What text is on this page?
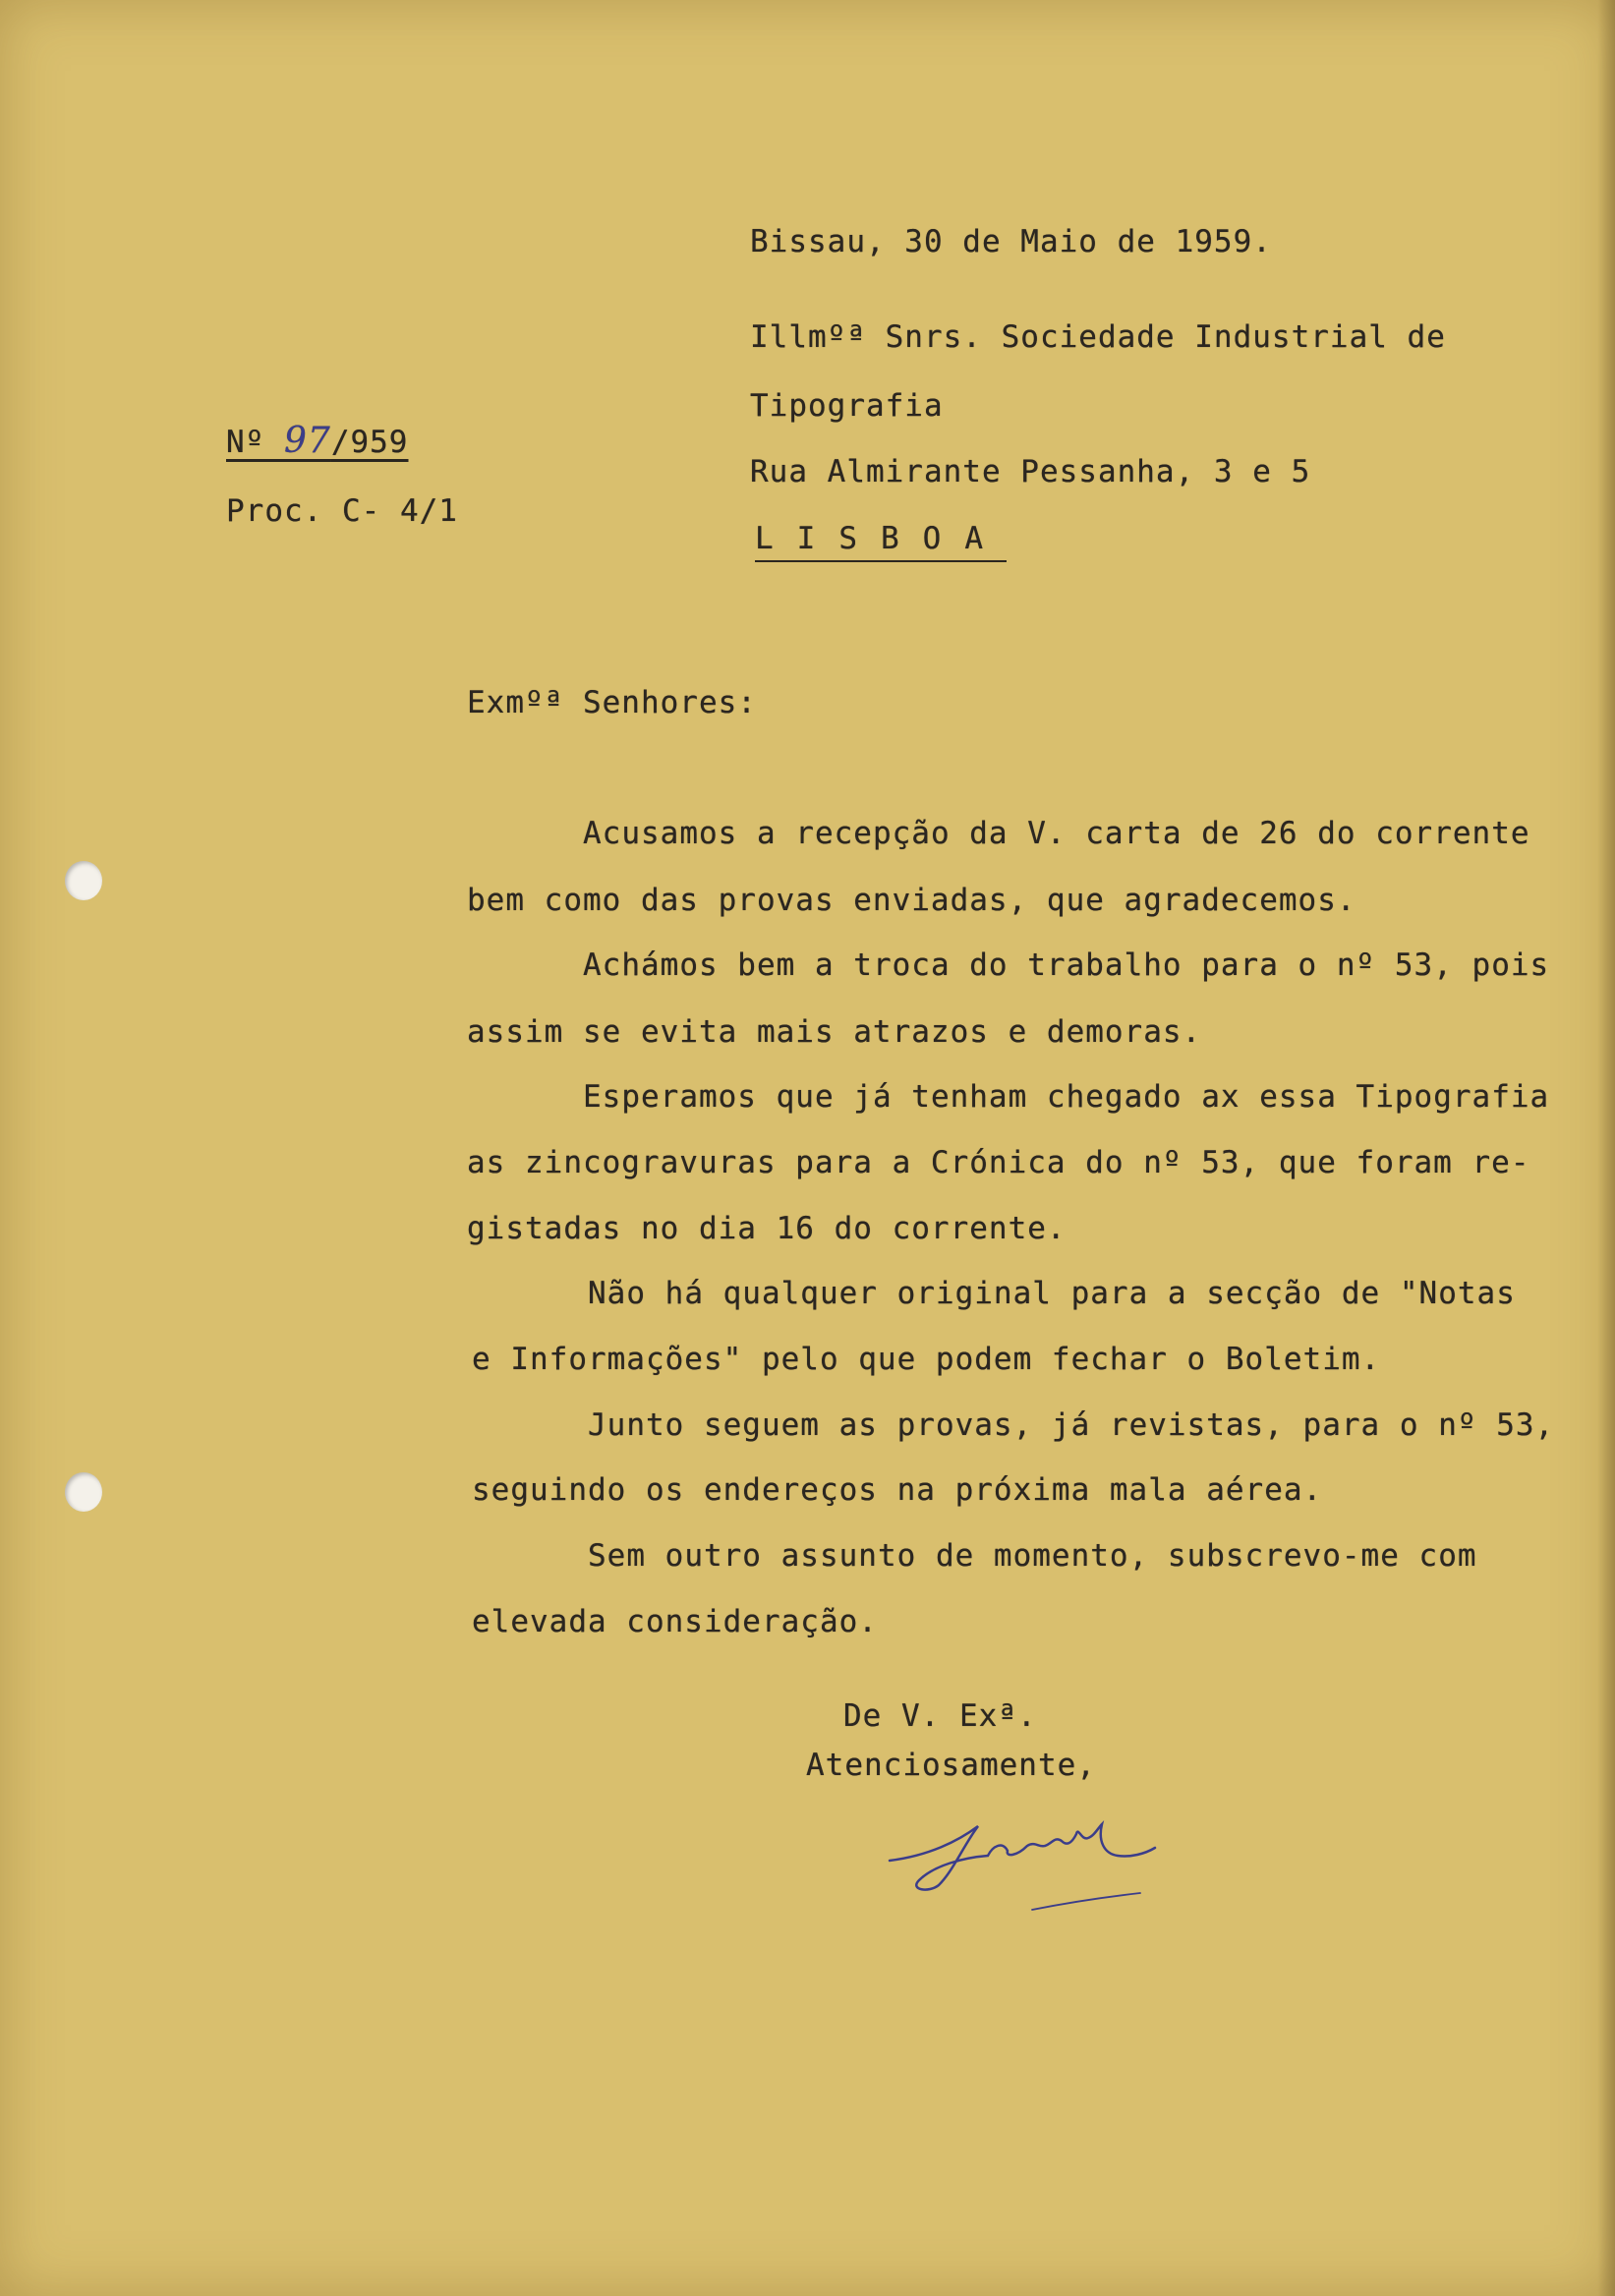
Bissau, 30 de Maio de 1959.
Nº 97/959
Proc. C- 4/1
Illmºª Snrs. Sociedade Industrial de
Tipografia
Rua Almirante Pessanha, 3 e 5
LISBOA
Exmºª Senhores:
Acusamos a recepção da V. carta de 26 do corrente
bem como das provas enviadas, que agradecemos.
Achámos bem a troca do trabalho para o nº 53, pois
assim se evita mais atrazos e demoras.
Esperamos que já tenham chegado ax essa Tipografia
as zincogravuras para a Crónica do nº 53, que foram re-
gistadas no dia 16 do corrente.
Não há qualquer original para a secção de "Notas
e Informações" pelo que podem fechar o Boletim.
Junto seguem as provas, já revistas, para o nº 53,
seguindo os endereços na próxima mala aérea.
Sem outro assunto de momento, subscrevo-me com
elevada consideração.
De V. Exª.
Atenciosamente,
